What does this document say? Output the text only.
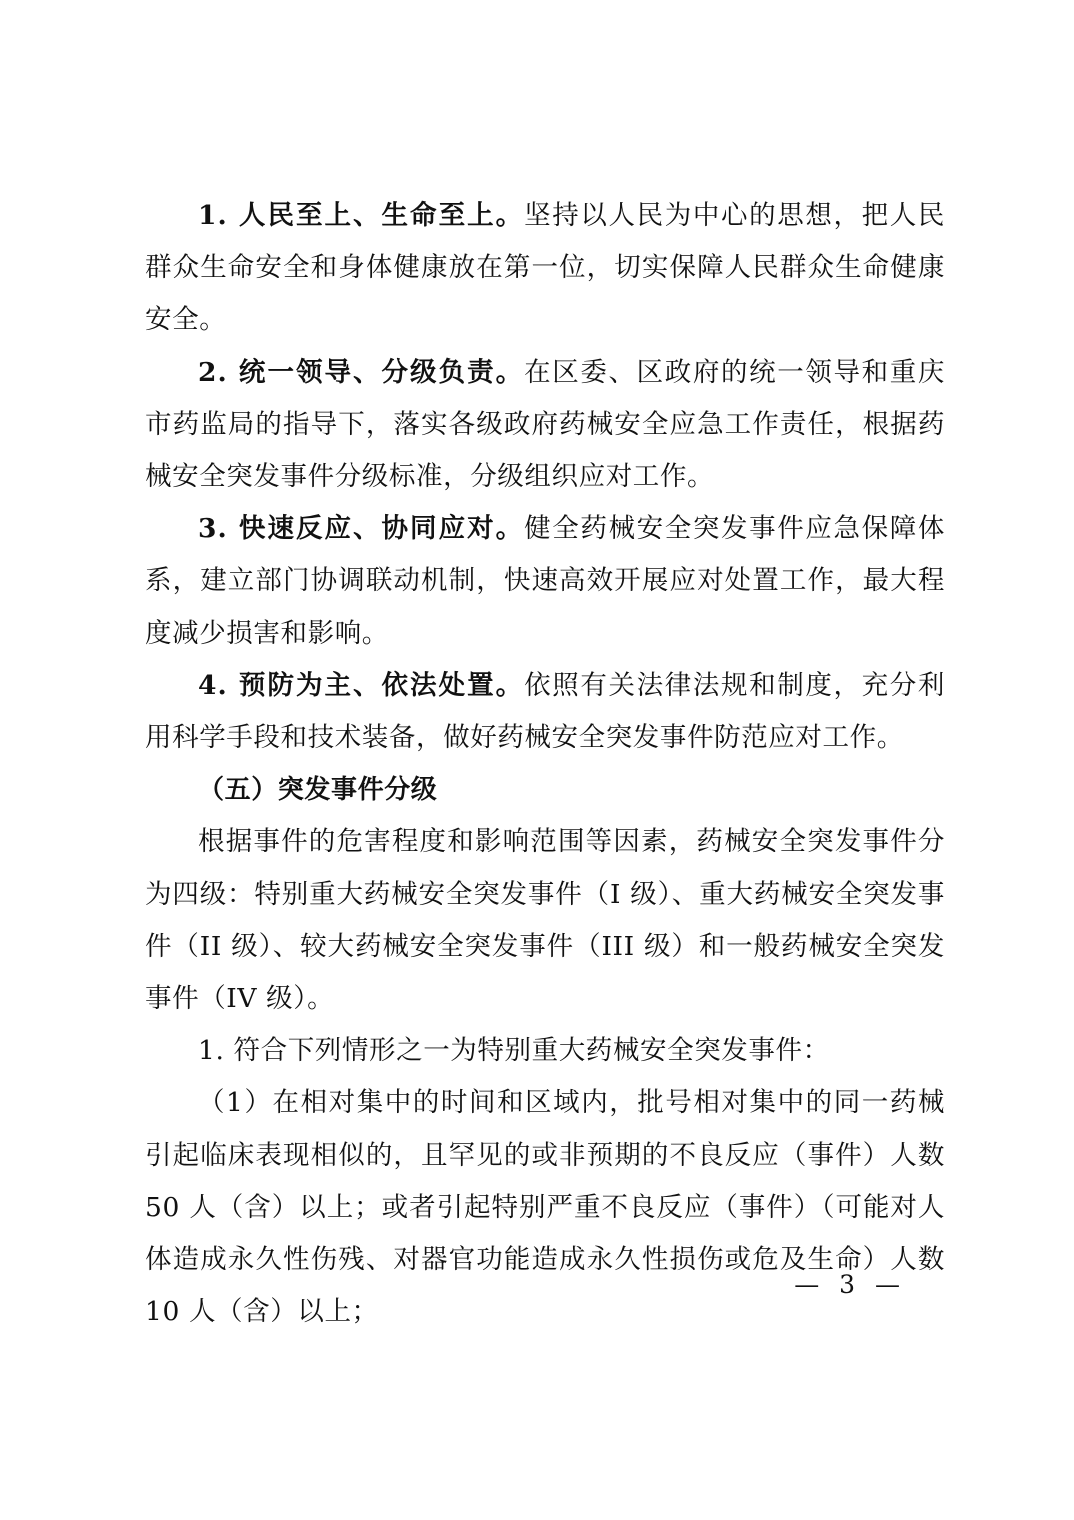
1. 人民至上、生命至上。坚持以人民为中心的思想，把人民群众生命安全和身体健康放在第一位，切实保障人民群众生命健康安全。

2. 统一领导、分级负责。在区委、区政府的统一领导和重庆市药监局的指导下，落实各级政府药械安全应急工作责任，根据药械安全突发事件分级标准，分级组织应对工作。

3. 快速反应、协同应对。健全药械安全突发事件应急保障体系，建立部门协调联动机制，快速高效开展应对处置工作，最大程度减少损害和影响。

4. 预防为主、依法处置。依照有关法律法规和制度，充分利用科学手段和技术装备，做好药械安全突发事件防范应对工作。

（五）突发事件分级

根据事件的危害程度和影响范围等因素，药械安全突发事件分为四级：特别重大药械安全突发事件（I 级）、重大药械安全突发事件（II 级）、较大药械安全突发事件（III 级）和一般药械安全突发事件（IV 级）。

1. 符合下列情形之一为特别重大药械安全突发事件：

（1）在相对集中的时间和区域内，批号相对集中的同一药械引起临床表现相似的，且罕见的或非预期的不良反应（事件）人数 50 人（含）以上；或者引起特别严重不良反应（事件）（可能对人体造成永久性伤残、对器官功能造成永久性损伤或危及生命）人数 10 人（含）以上；

— 3 —
